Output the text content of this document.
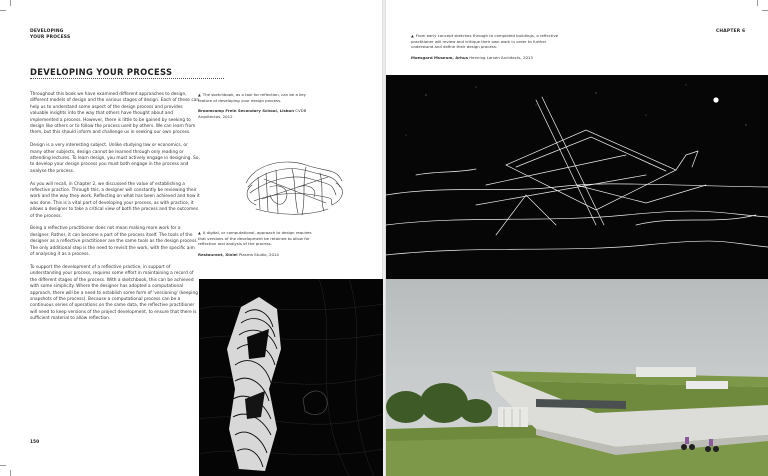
DEVELOPING
YOUR PROCESS
CHAPTER 6
DEVELOPING YOUR PROCESS

Throughout this book we have examined different approaches to design, different models of design and the various stages of design. Each of these can help us to understand some aspect of the design process and provides valuable insights into the way that others have thought about and implemented a process. However, there is little to be gained by seeking to design like others or to follow the process used by others. We can learn from them, but this should inform and challenge us in seeking our own process.

Design is a very interesting subject. Unlike studying law or economics, or many other subjects, design cannot be learned through only reading or attending lectures. To learn design, you must actively engage in designing. So, to develop your design process you must both engage in the process and analyse the process.

As you will recall, in Chapter 2, we discussed the value of establishing a reflective practice. Through this, a designer will constantly be reviewing their work and the way they work. Reflecting on what has been achieved and how it was done. This is a vital part of developing your process, as with practice, it allows a designer to take a critical view of both the process and the outcomes of the process.

Being a reflective practitioner does not mean making more work for a designer. Rather, it can become a part of the process itself. The tools of the designer as a reflective practitioner are the same tools as the design process. The only additional step is the need to revisit the work, with the specific aim of analysing it as a process.

To support the development of a reflective practice, in support of understanding your process, requires some effort in maintaining a record of the different stages of the process. With a sketchbook, this can be achieved with some simplicity. Where the designer has adopted a computational approach, there will be a need to establish some form of 'versioning' (keeping snapshots of the process). Because a computational process can be a continuous series of operations on the same data, the reflective practitioner will need to keep versions of the project development, to ensure that there is sufficient material to allow reflection.

▲ The sketchbook, as a tool for reflection, can be a key feature of developing your design process.
Broomcamp Frein Secondary School, Lisbon CVDB Arquitectos, 2012
▲ A digital, or computational, approach to design requires that versions of the development be retained to allow for reflection and analysis of the process.
Restaurant, Xinlei Plasma Studio, 2014
▲ From early concept sketches through to completed buildings, a reflective practitioner will review and critique their own work in order to further understand and define their design process.
Moesgard Museum, Arhus Henning Larsen Architects, 2013
150
